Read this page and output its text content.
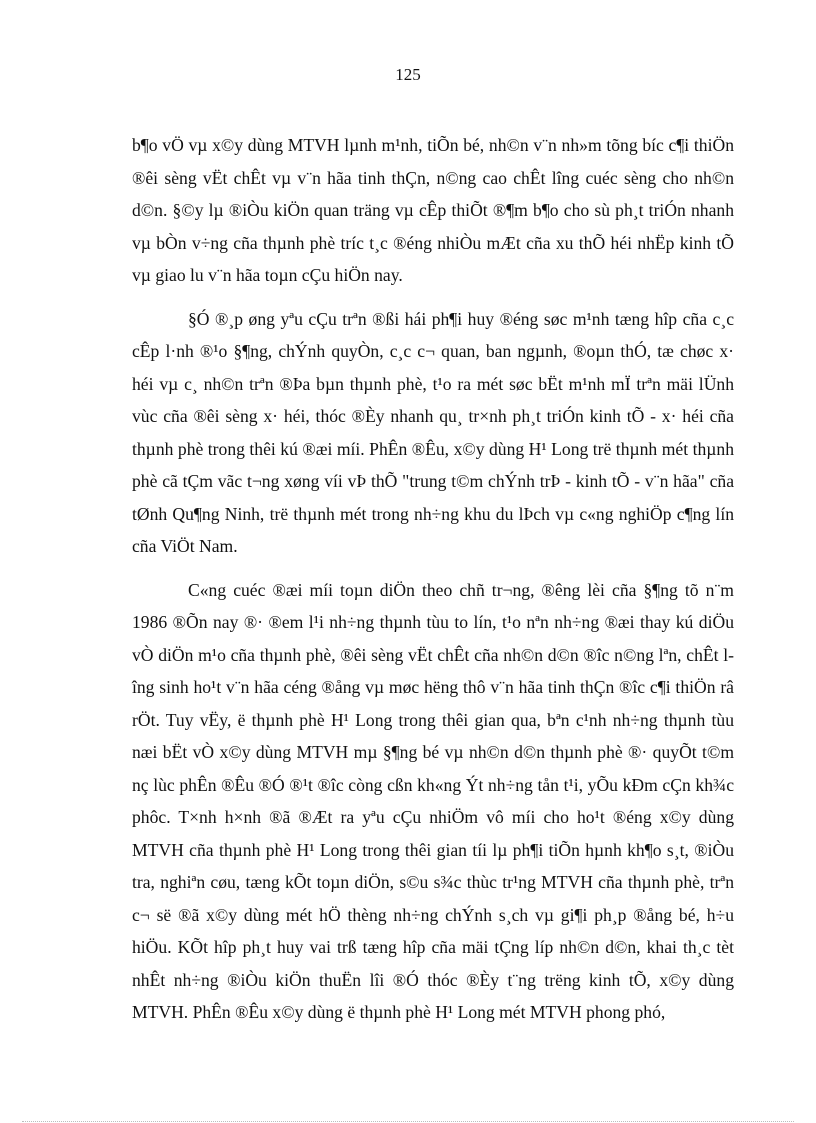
125

b¶o vÖ vµ x©y dùng MTVH lµnh m¹nh, tiÕn bé, nh©n v¨n nh»m tõng bíc c¶i thiÖn ®êi sèng vËt chÊt vµ v¨n hãa tinh thÇn, n©ng cao chÊt lîng cuéc sèng cho nh©n d©n. §©y lµ ®iÒu kiÖn quan träng vµ cÊp thiÕt ®¶m b¶o cho sù ph¸t triÓn nhanh vµ bÒn v÷ng cña thµnh phè tríc t¸c ®éng nhiÒu mÆt cña xu thÕ héi nhËp kinh tÕ vµ giao lu v¨n hãa toµn cÇu hiÖn nay.

§Ó ®¸p øng yªu cÇu trªn ®ßi hái ph¶i huy ®éng søc m¹nh tæng hîp cña c¸c cÊp l·nh ®¹o §¶ng, chÝnh quyÒn, c¸c c¬ quan, ban ngµnh, ®oµn thÓ, tæ chøc x· héi vµ c¸ nh©n trªn ®Þa bµn thµnh phè, t¹o ra mét søc bËt m¹nh mÏ trªn mäi lÜnh vùc cña ®êi sèng x· héi, thóc ®Èy nhanh qu¸ tr×nh ph¸t triÓn kinh tÕ - x· héi cña thµnh phè trong thêi kú ®æi míi. PhÊn ®Êu, x©y dùng H¹ Long trë thµnh mét thµnh phè cã tÇm vãc t¬ng xøng víi vÞ thÕ "trung t©m chÝnh trÞ - kinh tÕ - v¨n hãa" cña tØnh Qu¶ng Ninh, trë thµnh mét trong nh÷ng khu du lÞch vµ c«ng nghiÖp c¶ng lín cña ViÖt Nam.

C«ng cuéc ®æi míi toµn diÖn theo chñ tr¬ng, ®êng lèi cña §¶ng tõ n¨m 1986 ®Õn nay ®· ®em l¹i nh÷ng thµnh tùu to lín, t¹o nªn nh÷ng ®æi thay kú diÖu vÒ diÖn m¹o cña thµnh phè, ®êi sèng vËt chÊt cña nh©n d©n ®îc n©ng lªn, chÊt lîng sinh ho¹t v¨n hãa céng ®ång vµ møc hëng thô v¨n hãa tinh thÇn ®îc c¶i thiÖn râ rÖt. Tuy vËy, ë thµnh phè H¹ Long trong thêi gian qua, bªn c¹nh nh÷ng thµnh tùu næi bËt vÒ x©y dùng MTVH mµ §¶ng bé vµ nh©n d©n thµnh phè ®· quyÕt t©m nç lùc phÊn ®Êu ®Ó ®¹t ®îc còng cßn kh«ng Ýt nh÷ng tån t¹i, yÕu kÐm cÇn kh¾c phôc. T×nh h×nh ®ã ®Æt ra yªu cÇu nhiÖm vô míi cho ho¹t ®éng x©y dùng MTVH cña thµnh phè H¹ Long trong thêi gian tíi lµ ph¶i tiÕn hµnh kh¶o s¸t, ®iÒu tra, nghiªn cøu, tæng kÕt toµn diÖn, s©u s¾c thùc tr¹ng MTVH cña thµnh phè, trªn c¬ së ®ã x©y dùng mét hÖ thèng nh÷ng chÝnh s¸ch vµ gi¶i ph¸p ®ång bé, h÷u hiÖu. KÕt hîp ph¸t huy vai trß tæng hîp cña mäi tÇng líp nh©n d©n, khai th¸c tèt nhÊt nh÷ng ®iÒu kiÖn thuËn lîi ®Ó thóc ®Èy t¨ng trëng kinh tÕ, x©y dùng MTVH. PhÊn ®Êu x©y dùng ë thµnh phè H¹ Long mét MTVH phong phó,
